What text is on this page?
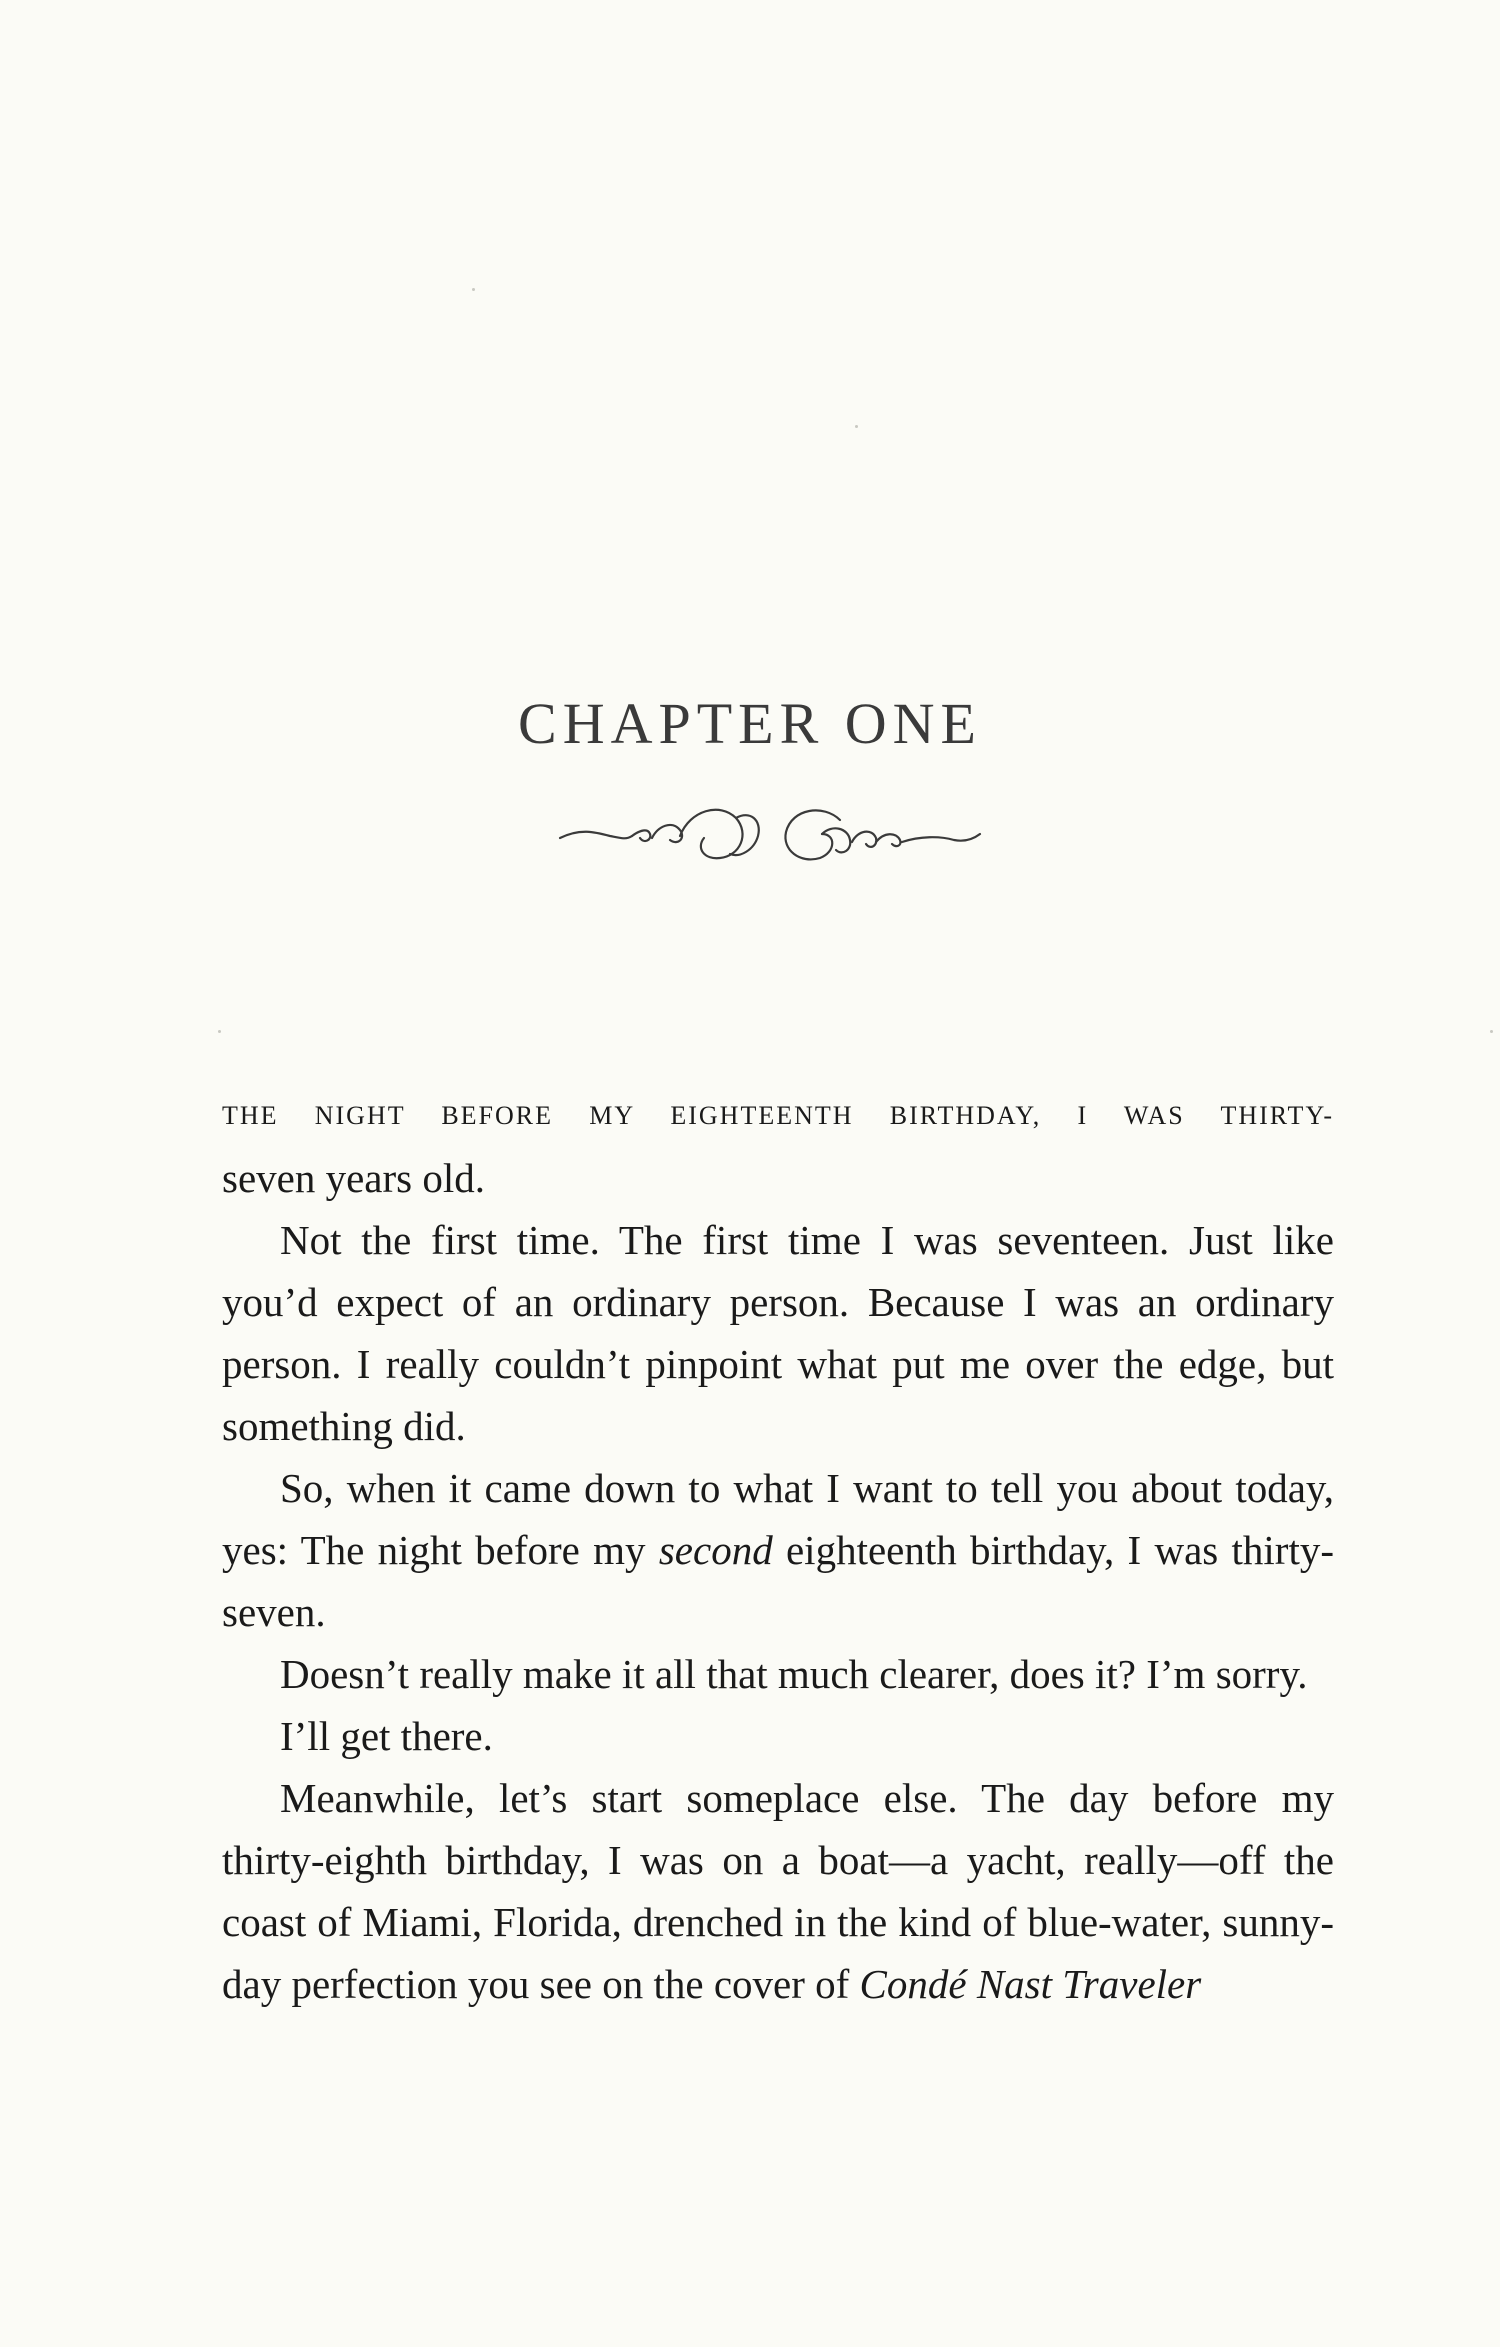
CHAPTER ONE

THE NIGHT BEFORE MY EIGHTEENTH BIRTHDAY, I WAS THIRTY-
seven years old.

Not the first time. The first time I was seventeen. Just like you’d expect of an ordinary person. Because I was an ordinary person. I really couldn’t pinpoint what put me over the edge, but something did.

So, when it came down to what I want to tell you about today, yes: The night before my second eighteenth birthday, I was thirty-seven.

Doesn’t really make it all that much clearer, does it? I’m sorry.

I’ll get there.

Meanwhile, let’s start someplace else. The day before my thirty-eighth birthday, I was on a boat—a yacht, really—off the coast of Miami, Florida, drenched in the kind of blue-water, sunny-day perfection you see on the cover of Condé Nast Traveler
